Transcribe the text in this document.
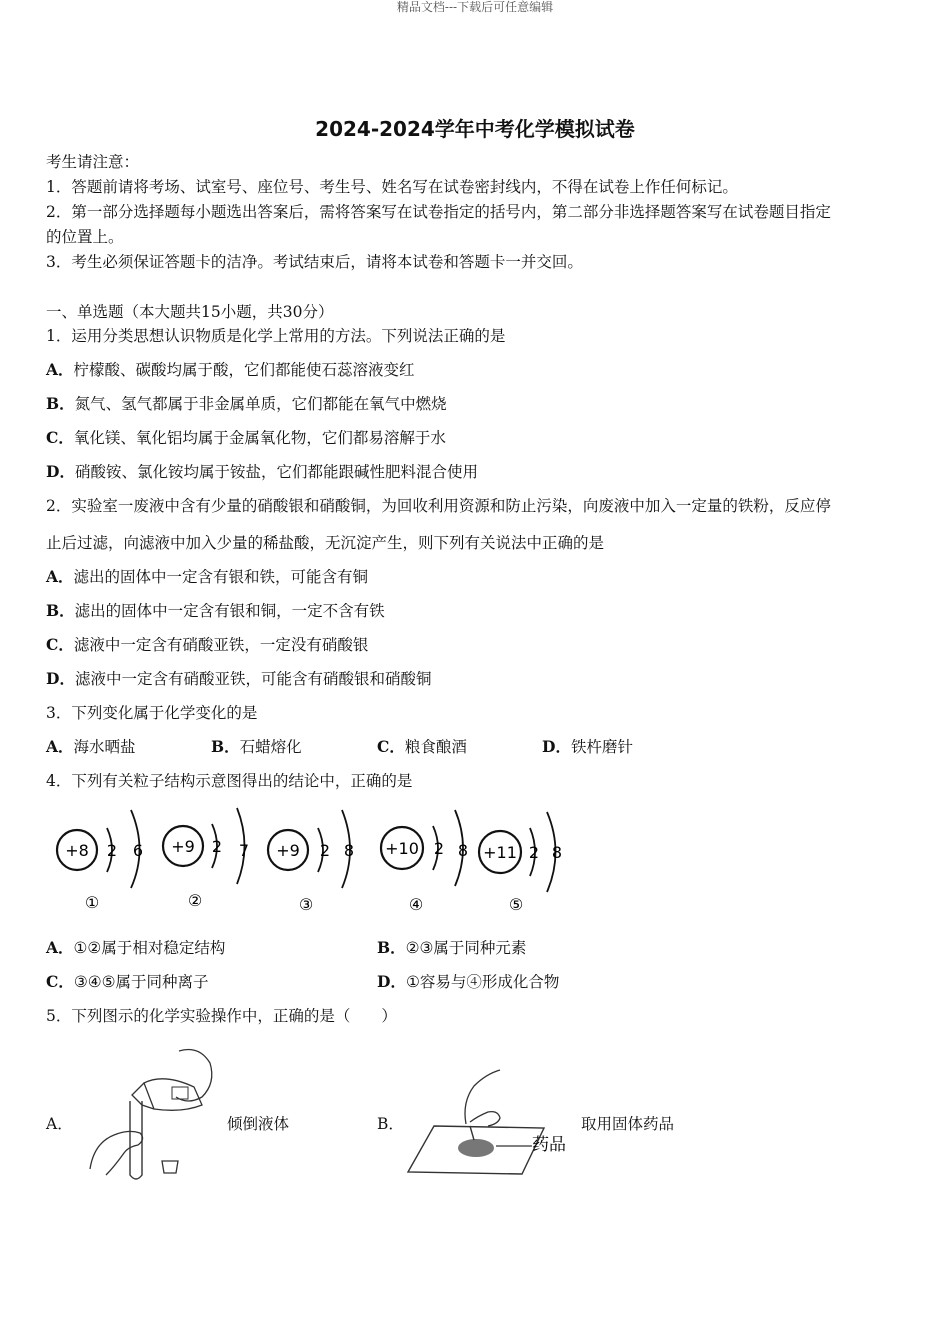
精品文档---下载后可任意编辑
2024-2024学年中考化学模拟试卷
考生请注意：
1．答题前请将考场、试室号、座位号、考生号、姓名写在试卷密封线内，不得在试卷上作任何标记。
2．第一部分选择题每小题选出答案后，需将答案写在试卷指定的括号内，第二部分非选择题答案写在试卷题目指定
的位置上。
3．考生必须保证答题卡的洁净。考试结束后，请将本试卷和答题卡一并交回。
一、单选题（本大题共15小题，共30分）
1．运用分类思想认识物质是化学上常用的方法。下列说法正确的是
A．柠檬酸、碳酸均属于酸，它们都能使石蕊溶液变红
B．氮气、氢气都属于非金属单质，它们都能在氧气中燃烧
C．氧化镁、氧化铝均属于金属氧化物，它们都易溶解于水
D．硝酸铵、氯化铵均属于铵盐，它们都能跟碱性肥料混合使用
2．实验室一废液中含有少量的硝酸银和硝酸铜，为回收利用资源和防止污染，向废液中加入一定量的铁粉，反应停
止后过滤，向滤液中加入少量的稀盐酸，无沉淀产生，则下列有关说法中正确的是
A．滤出的固体中一定含有银和铁，可能含有铜
B．滤出的固体中一定含有银和铜，一定不含有铁
C．滤液中一定含有硝酸亚铁，一定没有硝酸银
D．滤液中一定含有硝酸亚铁，可能含有硝酸银和硝酸铜
3．下列变化属于化学变化的是
A．海水晒盐	B．石蜡熔化	C．粮食酿酒	D．铁杵磨针
4．下列有关粒子结构示意图得出的结论中，正确的是
+8 2 6
①
+9 2 7
②
+9 2 8
③
+10 2 8
④
+11 2 8
⑤
A．①②属于相对稳定结构	B．②③属于同种元素
C．③④⑤属于同种离子	D．①容易与④形成化合物
5．下列图示的化学实验操作中，正确的是（　　）
A．	倾倒液体	B．
药品
取用固体药品
